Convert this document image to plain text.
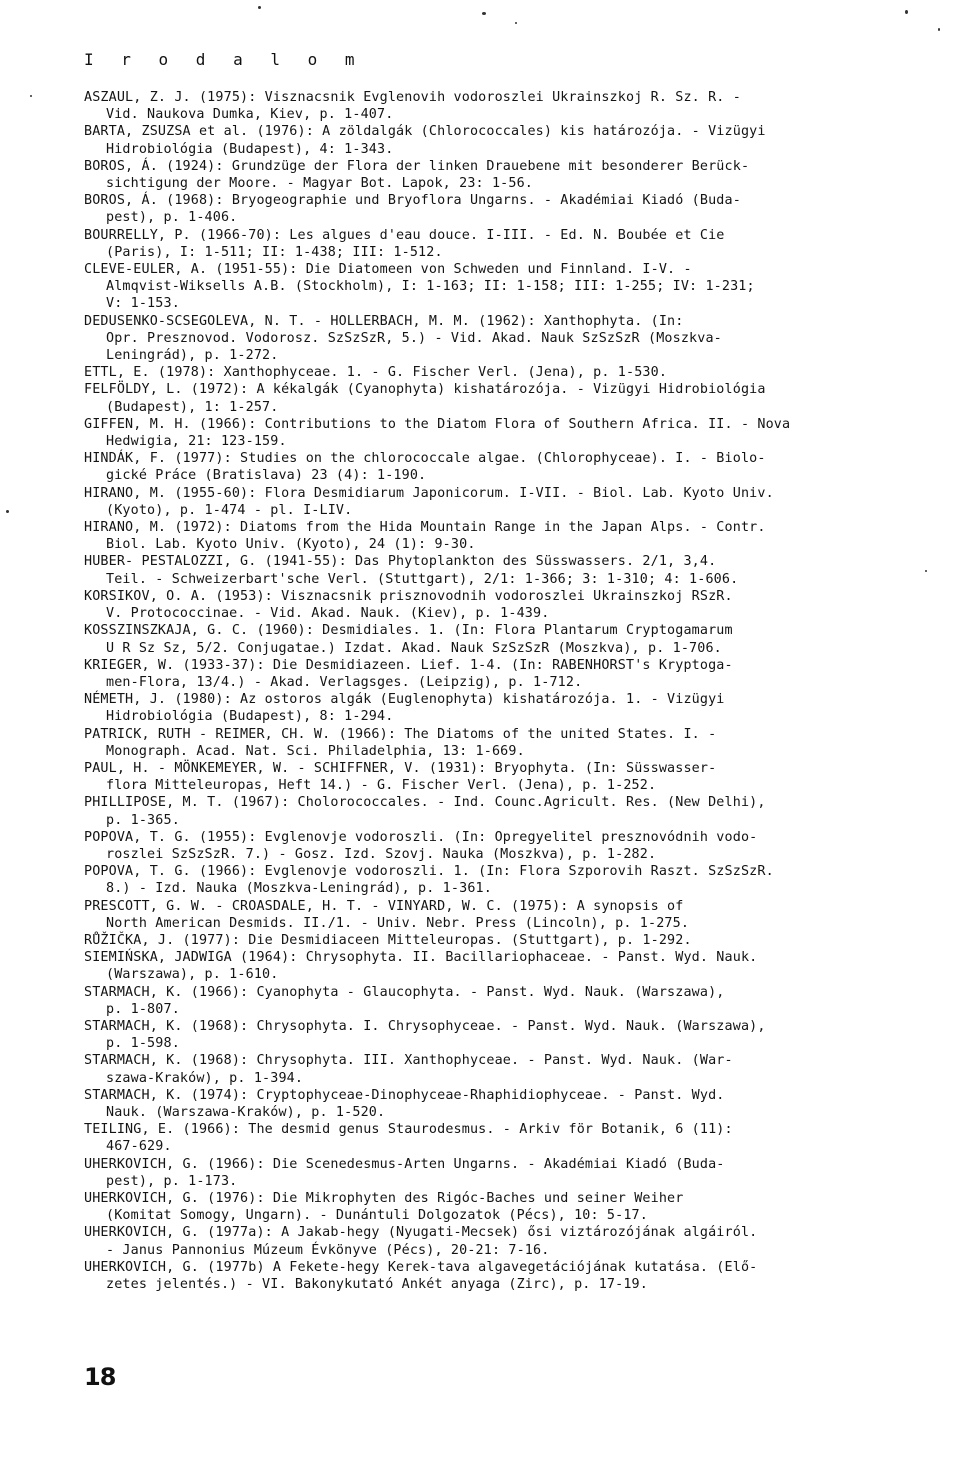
I r o d a l o m
ASZAUL, Z. J. (1975): Visznacsnik Evglenovih vodoroszlei Ukrainszkoj R. Sz. R. -
Vid. Naukova Dumka, Kiev, p. 1-407.
BARTA, ZSUZSA et al. (1976): A zöldalgák (Chlorococcales) kis határozója. - Vizügyi
Hidrobiológia (Budapest), 4: 1-343.
BOROS, Á. (1924): Grundzüge der Flora der linken Drauebene mit besonderer Berück-
sichtigung der Moore. - Magyar Bot. Lapok, 23: 1-56.
BOROS, Á. (1968): Bryogeographie und Bryoflora Ungarns. - Akadémiai Kiadó (Buda-
pest), p. 1-406.
BOURRELLY, P. (1966-70): Les algues d'eau douce. I-III. - Ed. N. Boubée et Cie
(Paris), I: 1-511; II: 1-438; III: 1-512.
CLEVE-EULER, A. (1951-55): Die Diatomeen von Schweden und Finnland. I-V. -
Almqvist-Wiksells A.B. (Stockholm), I: 1-163; II: 1-158; III: 1-255; IV: 1-231;
V: 1-153.
DEDUSENKO-SCSEGOLEVA, N. T. - HOLLERBACH, M. M. (1962): Xanthophyta. (In:
Opr. Presznovod. Vodorosz. SzSzSzR, 5.) - Vid. Akad. Nauk SzSzSzR (Moszkva-
Leningrád), p. 1-272.
ETTL, E. (1978): Xanthophyceae. 1. - G. Fischer Verl. (Jena), p. 1-530.
FELFÖLDY, L. (1972): A kékalgák (Cyanophyta) kishatározója. - Vizügyi Hidrobiológia
(Budapest), 1: 1-257.
GIFFEN, M. H. (1966): Contributions to the Diatom Flora of Southern Africa. II. - Nova
Hedwigia, 21: 123-159.
HINDÁK, F. (1977): Studies on the chlorococcale algae. (Chlorophyceae). I. - Biolo-
gické Práce (Bratislava) 23 (4): 1-190.
HIRANO, M. (1955-60): Flora Desmidiarum Japonicorum. I-VII. - Biol. Lab. Kyoto Univ.
(Kyoto), p. 1-474 - pl. I-LIV.
HIRANO, M. (1972): Diatoms from the Hida Mountain Range in the Japan Alps. - Contr.
Biol. Lab. Kyoto Univ. (Kyoto), 24 (1): 9-30.
HUBER- PESTALOZZI, G. (1941-55): Das Phytoplankton des Süsswassers. 2/1, 3,4.
Teil. - Schweizerbart'sche Verl. (Stuttgart), 2/1: 1-366; 3: 1-310; 4: 1-606.
KORSIKOV, O. A. (1953): Visznacsnik prisznovodnih vodoroszlei Ukrainszkoj RSzR.
V. Protococcinae. - Vid. Akad. Nauk. (Kiev), p. 1-439.
KOSSZINSZKAJA, G. C. (1960): Desmidiales. 1. (In: Flora Plantarum Cryptogamarum
U R Sz Sz, 5/2. Conjugatae.) Izdat. Akad. Nauk SzSzSzR (Moszkva), p. 1-706.
KRIEGER, W. (1933-37): Die Desmidiazeen. Lief. 1-4. (In: RABENHORST's Kryptoga-
men-Flora, 13/4.) - Akad. Verlagsges. (Leipzig), p. 1-712.
NÉMETH, J. (1980): Az ostoros algák (Euglenophyta) kishatározója. 1. - Vizügyi
Hidrobiológia (Budapest), 8: 1-294.
PATRICK, RUTH - REIMER, CH. W. (1966): The Diatoms of the united States. I. -
Monograph. Acad. Nat. Sci. Philadelphia, 13: 1-669.
PAUL, H. - MÖNKEMEYER, W. - SCHIFFNER, V. (1931): Bryophyta. (In: Süsswasser-
flora Mitteleuropas, Heft 14.) - G. Fischer Verl. (Jena), p. 1-252.
PHILLIPOSE, M. T. (1967): Cholorococcales. - Ind. Counc.Agricult. Res. (New Delhi),
p. 1-365.
POPOVA, T. G. (1955): Evglenovje vodoroszli. (In: Opregyelitel presznovódnih vodo-
roszlei SzSzSzR. 7.) - Gosz. Izd. Szovj. Nauka (Moszkva), p. 1-282.
POPOVA, T. G. (1966): Evglenovje vodoroszli. 1. (In: Flora Szporovih Raszt. SzSzSzR.
8.) - Izd. Nauka (Moszkva-Leningrád), p. 1-361.
PRESCOTT, G. W. - CROASDALE, H. T. - VINYARD, W. C. (1975): A synopsis of
North American Desmids. II./1. - Univ. Nebr. Press (Lincoln), p. 1-275.
RŮŽIČKA, J. (1977): Die Desmidiaceen Mitteleuropas. (Stuttgart), p. 1-292.
SIEMIŃSKA, JADWIGA (1964): Chrysophyta. II. Bacillariophaceae. - Panst. Wyd. Nauk.
(Warszawa), p. 1-610.
STARMACH, K. (1966): Cyanophyta - Glaucophyta. - Panst. Wyd. Nauk. (Warszawa),
p. 1-807.
STARMACH, K. (1968): Chrysophyta. I. Chrysophyceae. - Panst. Wyd. Nauk. (Warszawa),
p. 1-598.
STARMACH, K. (1968): Chrysophyta. III. Xanthophyceae. - Panst. Wyd. Nauk. (War-
szawa-Kraków), p. 1-394.
STARMACH, K. (1974): Cryptophyceae-Dinophyceae-Rhaphidiophyceae. - Panst. Wyd.
Nauk. (Warszawa-Kraków), p. 1-520.
TEILING, E. (1966): The desmid genus Staurodesmus. - Arkiv för Botanik, 6 (11):
467-629.
UHERKOVICH, G. (1966): Die Scenedesmus-Arten Ungarns. - Akadémiai Kiadó (Buda-
pest), p. 1-173.
UHERKOVICH, G. (1976): Die Mikrophyten des Rigóc-Baches und seiner Weiher
(Komitat Somogy, Ungarn). - Dunántuli Dolgozatok (Pécs), 10: 5-17.
UHERKOVICH, G. (1977a): A Jakab-hegy (Nyugati-Mecsek) ősi viztározójának algáiról.
- Janus Pannonius Múzeum Évkönyve (Pécs), 20-21: 7-16.
UHERKOVICH, G. (1977b) A Fekete-hegy Kerek-tava algavegetációjának kutatása. (Elő-
zetes jelentés.) - VI. Bakonykutató Ankét anyaga (Zirc), p. 17-19.
18
